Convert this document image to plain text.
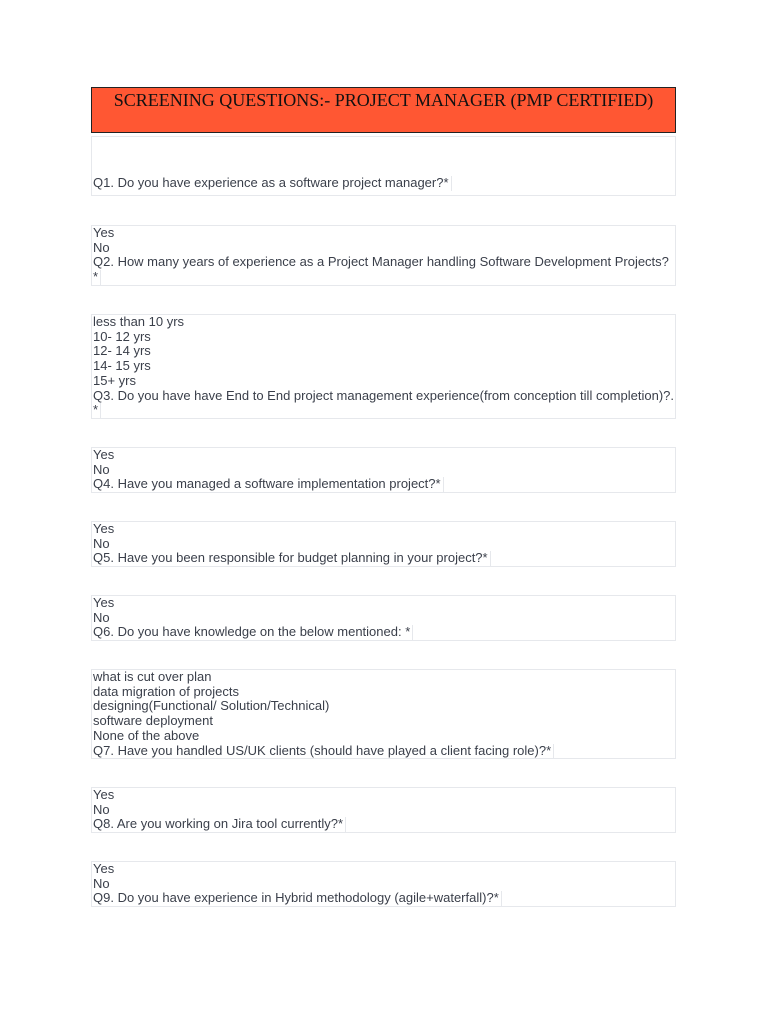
SCREENING QUESTIONS:- PROJECT MANAGER (PMP CERTIFIED)
Q1. Do you have experience as a software project manager?*
Yes
No
Q2. How many years of experience as a Project Manager handling Software Development Projects?*
less than 10 yrs
10- 12 yrs
12- 14 yrs
14- 15 yrs
15+ yrs
Q3. Do you have have End to End project management experience(from conception till completion)?.*
Yes
No
Q4. Have you managed a software implementation project?*
Yes
No
Q5. Have you been responsible for budget planning in your project?*
Yes
No
Q6. Do you have knowledge on the below mentioned: *
what is cut over plan
data migration of projects
designing(Functional/ Solution/Technical)
software deployment
None of the above
Q7. Have you handled US/UK clients (should have played a client facing role)?*
Yes
No
Q8. Are you working on Jira tool currently?*
Yes
No
Q9. Do you have experience in Hybrid methodology (agile+waterfall)?*
